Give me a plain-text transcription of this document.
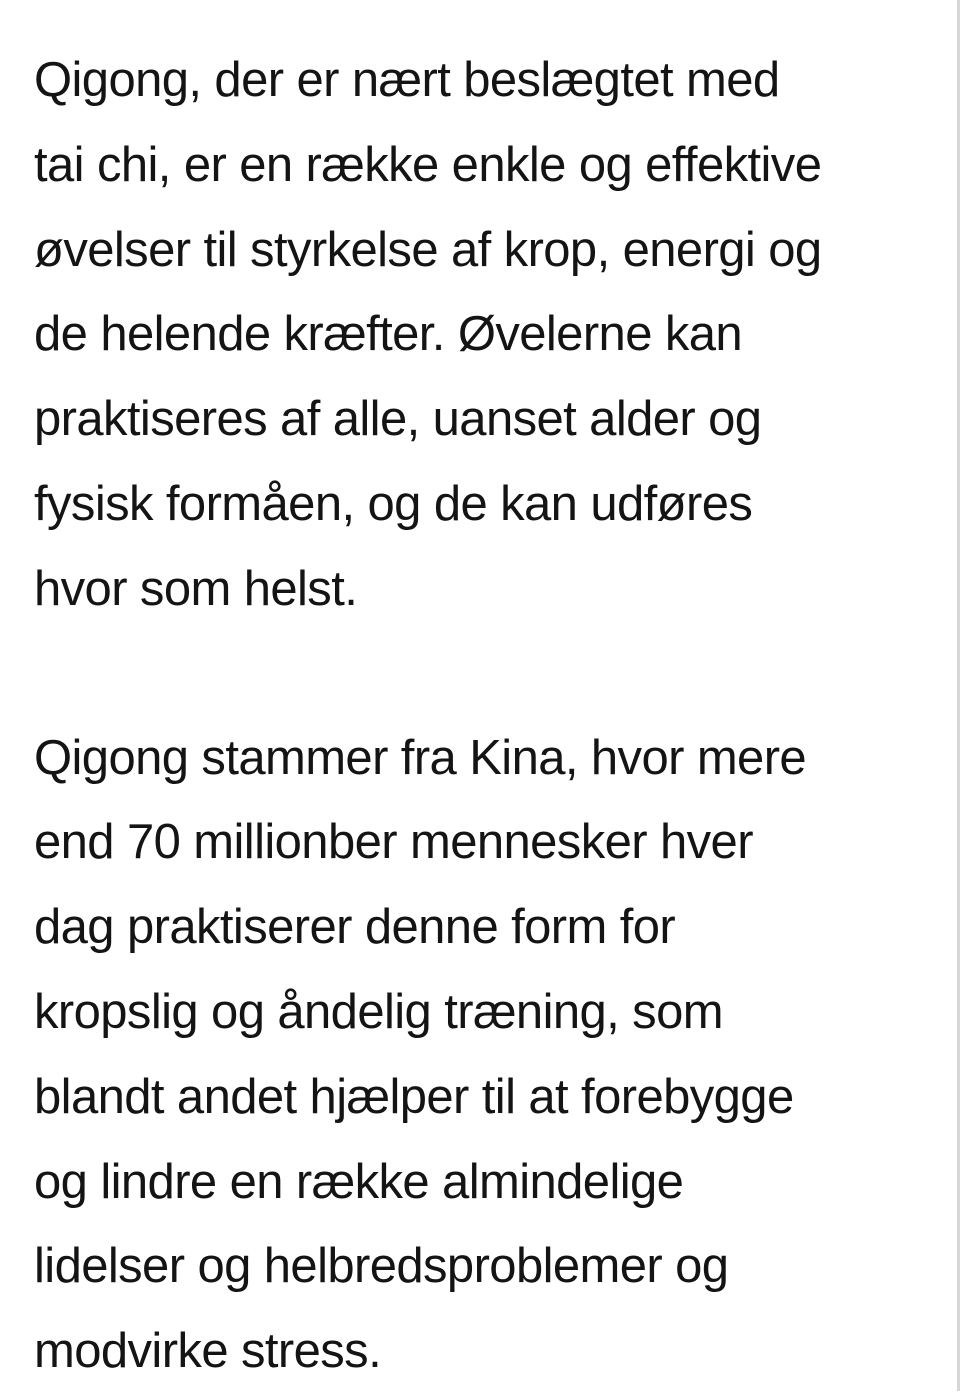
Qigong, der er nært beslægtet med
tai chi, er en række enkle og effektive
øvelser til styrkelse af krop, energi og
de helende kræfter. Øvelerne kan
praktiseres af alle, uanset alder og
fysisk formåen, og de kan udføres
hvor som helst.

Qigong stammer fra Kina, hvor mere
end 70 millionber mennesker hver
dag praktiserer denne form for
kropslig og åndelig træning, som
blandt andet hjælper til at forebygge
og lindre en række almindelige
lidelser og helbredsproblemer og
modvirke stress.
